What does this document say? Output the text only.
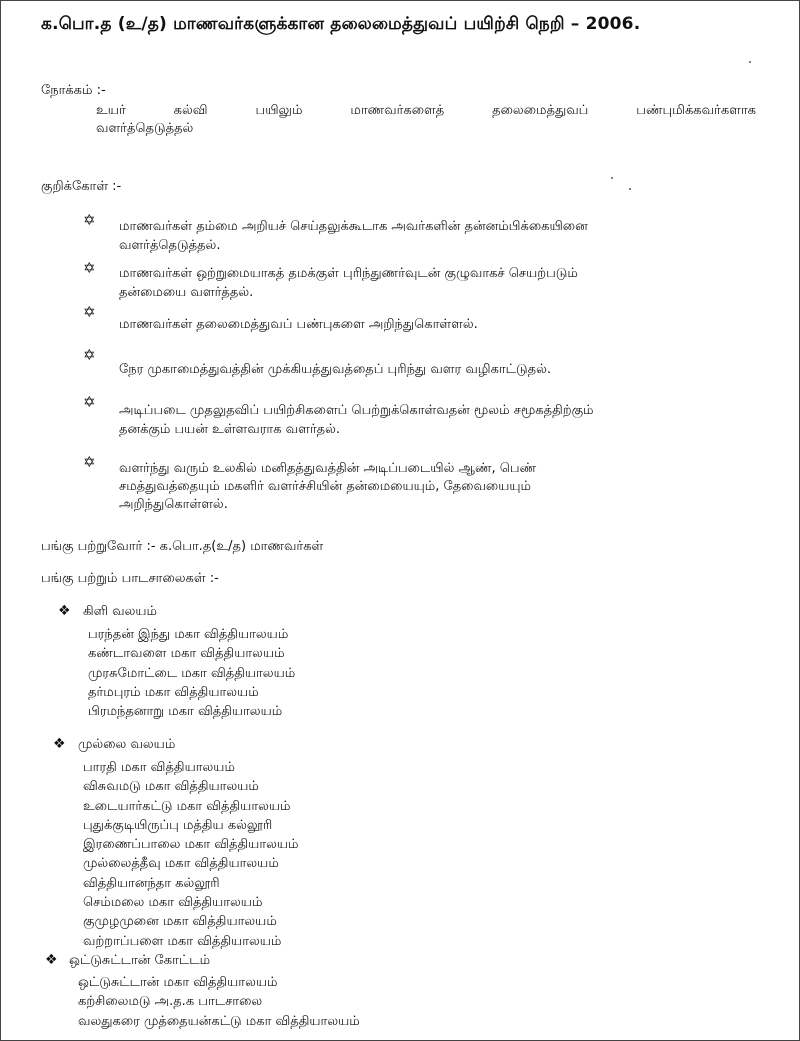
க.பொ.த (உ/த) மாணவர்களுக்கான தலைமைத்துவப் பயிற்சி நெறி – 2006.
நோக்கம் :-
உயர் கல்வி பயிலும் மாணவர்களைத் தலைமைத்துவப் பண்புமிக்கவர்களாக
வளர்த்தெடுத்தல்
குறிக்கோள் :-
✡ மாணவர்கள் தம்மை அறியச் செய்தலுக்கூடாக அவர்களின் தன்னம்பிக்கையினை
வளர்த்தெடுத்தல்.
✡ மாணவர்கள் ஒற்றுமையாகத் தமக்குள் புரிந்துணர்வுடன் குழுவாகச் செயற்படும்
தன்மையை வளர்த்தல்.
✡
மாணவர்கள் தலைமைத்துவப் பண்புகளை அறிந்துகொள்ளல்.
✡
நேர முகாமைத்துவத்தின் முக்கியத்துவத்தைப் புரிந்து வளர வழிகாட்டுதல்.
✡ அடிப்படை முதலுதவிப் பயிற்சிகளைப் பெற்றுக்கொள்வதன் மூலம் சமூகத்திற்கும்
தனக்கும் பயன் உள்ளவராக வளர்தல்.
✡ வளர்ந்து வரும் உலகில் மனிதத்துவத்தின் அடிப்படையில் ஆண், பெண்
சமத்துவத்தையும் மகளிர் வளர்ச்சியின் தன்மையையும், தேவையையும்
அறிந்துகொள்ளல்.
பங்கு பற்றுவோர் :- க.பொ.த(உ/த) மாணவர்கள்
பங்கு பற்றும் பாடசாலைகள் :-
❖ கிளி வலயம்
பரந்தன் இந்து மகா வித்தியாலயம்
கண்டாவளை மகா வித்தியாலயம்
முரசுமோட்டை மகா வித்தியாலயம்
தர்மபுரம் மகா வித்தியாலயம்
பிரமந்தனாறு மகா வித்தியாலயம்
❖ முல்லை வலயம்
பாரதி மகா வித்தியாலயம்
விசுவமடு மகா வித்தியாலயம்
உடையார்கட்டு மகா வித்தியாலயம்
புதுக்குடியிருப்பு மத்திய கல்லூரி
இரணைப்பாலை மகா வித்தியாலயம்
முல்லைத்தீவு மகா வித்தியாலயம்
வித்தியானந்தா கல்லூரி
செம்மலை மகா வித்தியாலயம்
குமுழமுனை மகா வித்தியாலயம்
வற்றாப்பளை மகா வித்தியாலயம்
❖ ஒட்டுசுட்டான் கோட்டம்
ஒட்டுசுட்டான் மகா வித்தியாலயம்
கற்சிலைமடு அ.த.க பாடசாலை
வலதுகரை முத்தையன்கட்டு மகா வித்தியாலயம்
